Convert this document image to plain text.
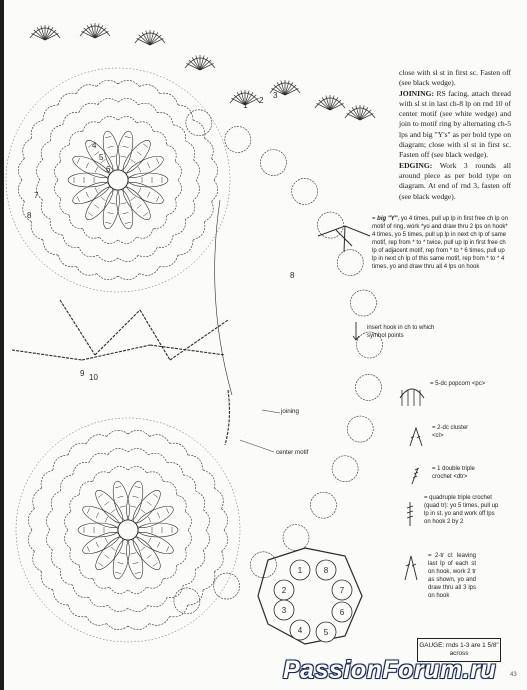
3
2
1
4
5
6
7
8
9 10
8
1	8
2	7
3	6
4	5
close with sl st in first sc. Fasten off (see black wedge).
JOINING: RS facing, attach thread with sl st in last ch-8 lp on rnd 10 of center motif (see white wedge) and join to motif ring by alternating ch-5 lps and big "Y's" as per bold type on diagram; close with sl st in first sc. Fasten off (see black wedge).
EDGING: Work 3 rounds all around piece as per bold type on diagram. At end of rnd 3, fasten off (see black wedge).
= big "Y", yo 4 times, pull up lp in first free ch lp on motif of ring, work *yo and draw thru 2 lps on hook* 4 times, yo 5 times, pull up lp in next ch lp of same motif, rep from * to * twice, pull up lp in first free ch lp of adjacent motif, rep from * to * 6 times, pull up lp in next ch lp of this same motif, rep from * to * 4 times, yo and draw thru all 4 lps on hook
insert hook in ch to which symbol points
= 5-dc popcorn <pc>
= 2-dc cluster <cl>
= 1 double triple crochet <dtr>
= quadruple triple crochet (quad tr): yo 5 times, pull up lp in st, yo and work off lps on hook 2 by 2
= 2-tr cl: leaving last lp of each st on hook, work 2 tr as shown, yo and draw thru all 3 lps on hook
joining
center motif
GAUGE: rnds 1-3 are 1 5/8" across
PassionForum.ru 43
